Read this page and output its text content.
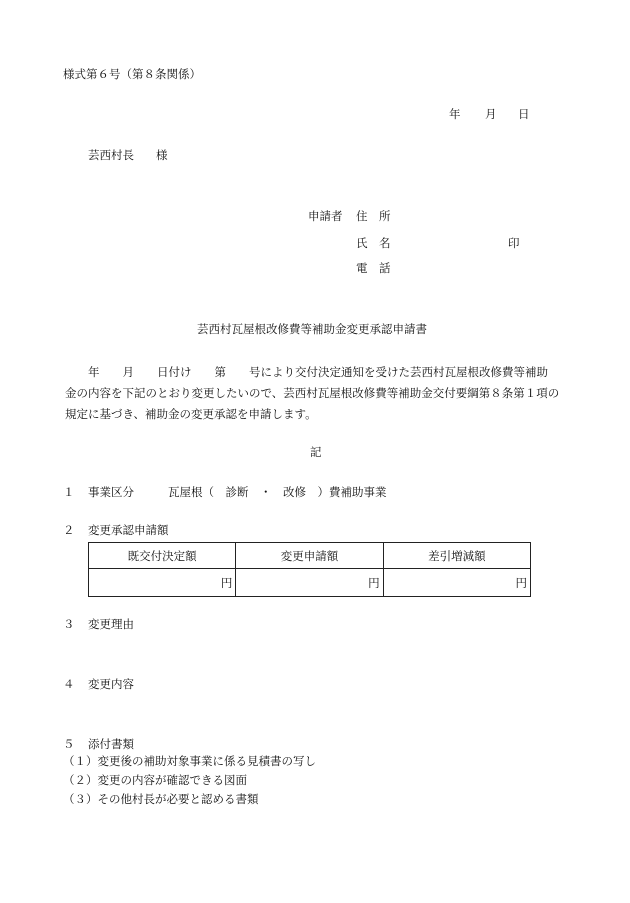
様式第６号（第８条関係）
年 月 日
芸西村長 様
申請者 住　所
氏　名	印
電　話
芸西村瓦屋根改修費等補助金変更承認申請書
　　年　　月　　日付け　　第　　号により交付決定通知を受けた芸西村瓦屋根改修費等補助
金の内容を下記のとおり変更したいので、芸西村瓦屋根改修費等補助金交付要綱第８条第１項の
規定に基づき、補助金の変更承認を申請します。
記
１ 事業区分	瓦屋根（　診断　・　改修　）費補助事業
２ 変更承認申請額
既交付決定額	変更申請額	差引増減額
円	円	円
３ 変更理由
４ 変更内容
５ 添付書類
（１）変更後の補助対象事業に係る見積書の写し
（２）変更の内容が確認できる図面
（３）その他村長が必要と認める書類
